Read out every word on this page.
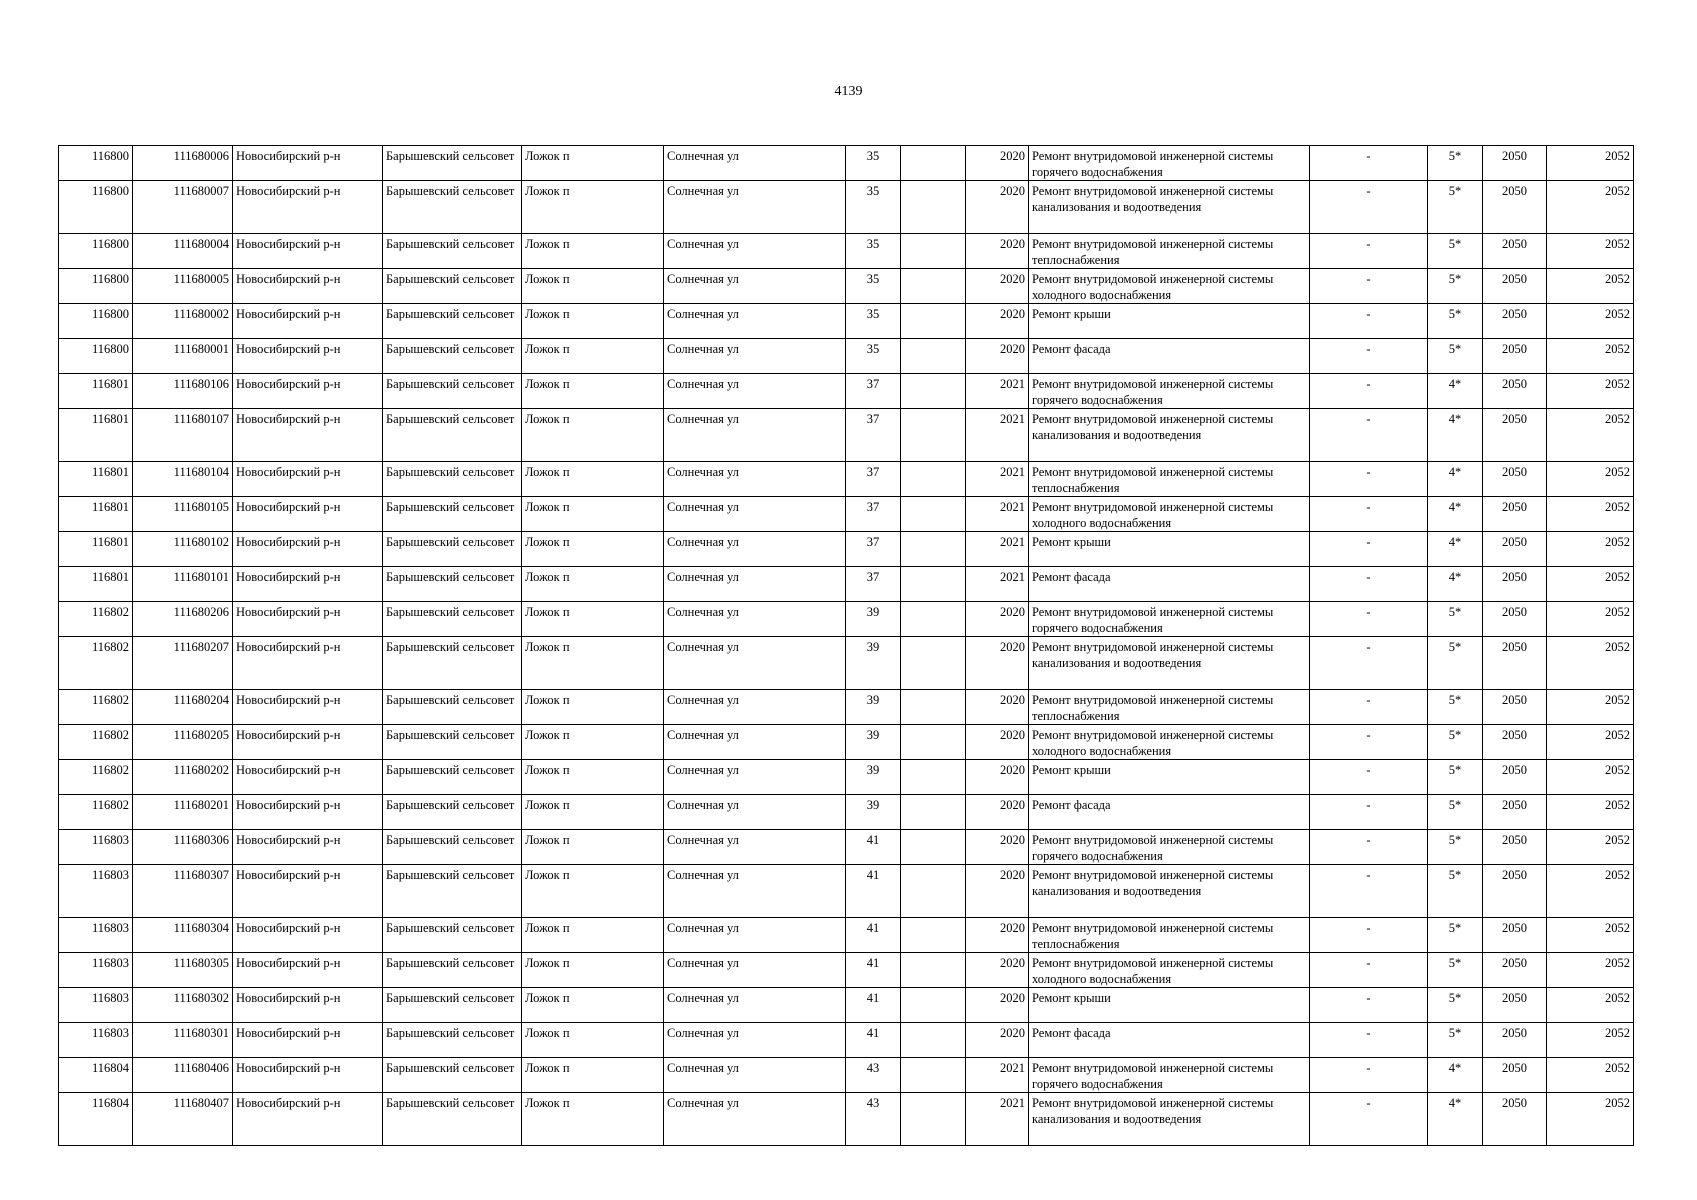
4139
116800	111680006	Новосибирский р-н	Барышевский сельсовет	Ложок п	Солнечная ул	35		2020	Ремонт внутридомовой инженерной системы горячего водоснабжения	-	5*	2050	2052
116800	111680007	Новосибирский р-н	Барышевский сельсовет	Ложок п	Солнечная ул	35		2020	Ремонт внутридомовой инженерной системы канализования и водоотведения	-	5*	2050	2052
116800	111680004	Новосибирский р-н	Барышевский сельсовет	Ложок п	Солнечная ул	35		2020	Ремонт внутридомовой инженерной системы теплоснабжения	-	5*	2050	2052
116800	111680005	Новосибирский р-н	Барышевский сельсовет	Ложок п	Солнечная ул	35		2020	Ремонт внутридомовой инженерной системы холодного водоснабжения	-	5*	2050	2052
116800	111680002	Новосибирский р-н	Барышевский сельсовет	Ложок п	Солнечная ул	35		2020	Ремонт крыши	-	5*	2050	2052
116800	111680001	Новосибирский р-н	Барышевский сельсовет	Ложок п	Солнечная ул	35		2020	Ремонт фасада	-	5*	2050	2052
116801	111680106	Новосибирский р-н	Барышевский сельсовет	Ложок п	Солнечная ул	37		2021	Ремонт внутридомовой инженерной системы горячего водоснабжения	-	4*	2050	2052
116801	111680107	Новосибирский р-н	Барышевский сельсовет	Ложок п	Солнечная ул	37		2021	Ремонт внутридомовой инженерной системы канализования и водоотведения	-	4*	2050	2052
116801	111680104	Новосибирский р-н	Барышевский сельсовет	Ложок п	Солнечная ул	37		2021	Ремонт внутридомовой инженерной системы теплоснабжения	-	4*	2050	2052
116801	111680105	Новосибирский р-н	Барышевский сельсовет	Ложок п	Солнечная ул	37		2021	Ремонт внутридомовой инженерной системы холодного водоснабжения	-	4*	2050	2052
116801	111680102	Новосибирский р-н	Барышевский сельсовет	Ложок п	Солнечная ул	37		2021	Ремонт крыши	-	4*	2050	2052
116801	111680101	Новосибирский р-н	Барышевский сельсовет	Ложок п	Солнечная ул	37		2021	Ремонт фасада	-	4*	2050	2052
116802	111680206	Новосибирский р-н	Барышевский сельсовет	Ложок п	Солнечная ул	39		2020	Ремонт внутридомовой инженерной системы горячего водоснабжения	-	5*	2050	2052
116802	111680207	Новосибирский р-н	Барышевский сельсовет	Ложок п	Солнечная ул	39		2020	Ремонт внутридомовой инженерной системы канализования и водоотведения	-	5*	2050	2052
116802	111680204	Новосибирский р-н	Барышевский сельсовет	Ложок п	Солнечная ул	39		2020	Ремонт внутридомовой инженерной системы теплоснабжения	-	5*	2050	2052
116802	111680205	Новосибирский р-н	Барышевский сельсовет	Ложок п	Солнечная ул	39		2020	Ремонт внутридомовой инженерной системы холодного водоснабжения	-	5*	2050	2052
116802	111680202	Новосибирский р-н	Барышевский сельсовет	Ложок п	Солнечная ул	39		2020	Ремонт крыши	-	5*	2050	2052
116802	111680201	Новосибирский р-н	Барышевский сельсовет	Ложок п	Солнечная ул	39		2020	Ремонт фасада	-	5*	2050	2052
116803	111680306	Новосибирский р-н	Барышевский сельсовет	Ложок п	Солнечная ул	41		2020	Ремонт внутридомовой инженерной системы горячего водоснабжения	-	5*	2050	2052
116803	111680307	Новосибирский р-н	Барышевский сельсовет	Ложок п	Солнечная ул	41		2020	Ремонт внутридомовой инженерной системы канализования и водоотведения	-	5*	2050	2052
116803	111680304	Новосибирский р-н	Барышевский сельсовет	Ложок п	Солнечная ул	41		2020	Ремонт внутридомовой инженерной системы теплоснабжения	-	5*	2050	2052
116803	111680305	Новосибирский р-н	Барышевский сельсовет	Ложок п	Солнечная ул	41		2020	Ремонт внутридомовой инженерной системы холодного водоснабжения	-	5*	2050	2052
116803	111680302	Новосибирский р-н	Барышевский сельсовет	Ложок п	Солнечная ул	41		2020	Ремонт крыши	-	5*	2050	2052
116803	111680301	Новосибирский р-н	Барышевский сельсовет	Ложок п	Солнечная ул	41		2020	Ремонт фасада	-	5*	2050	2052
116804	111680406	Новосибирский р-н	Барышевский сельсовет	Ложок п	Солнечная ул	43		2021	Ремонт внутридомовой инженерной системы горячего водоснабжения	-	4*	2050	2052
116804	111680407	Новосибирский р-н	Барышевский сельсовет	Ложок п	Солнечная ул	43		2021	Ремонт внутридомовой инженерной системы канализования и водоотведения	-	4*	2050	2052
